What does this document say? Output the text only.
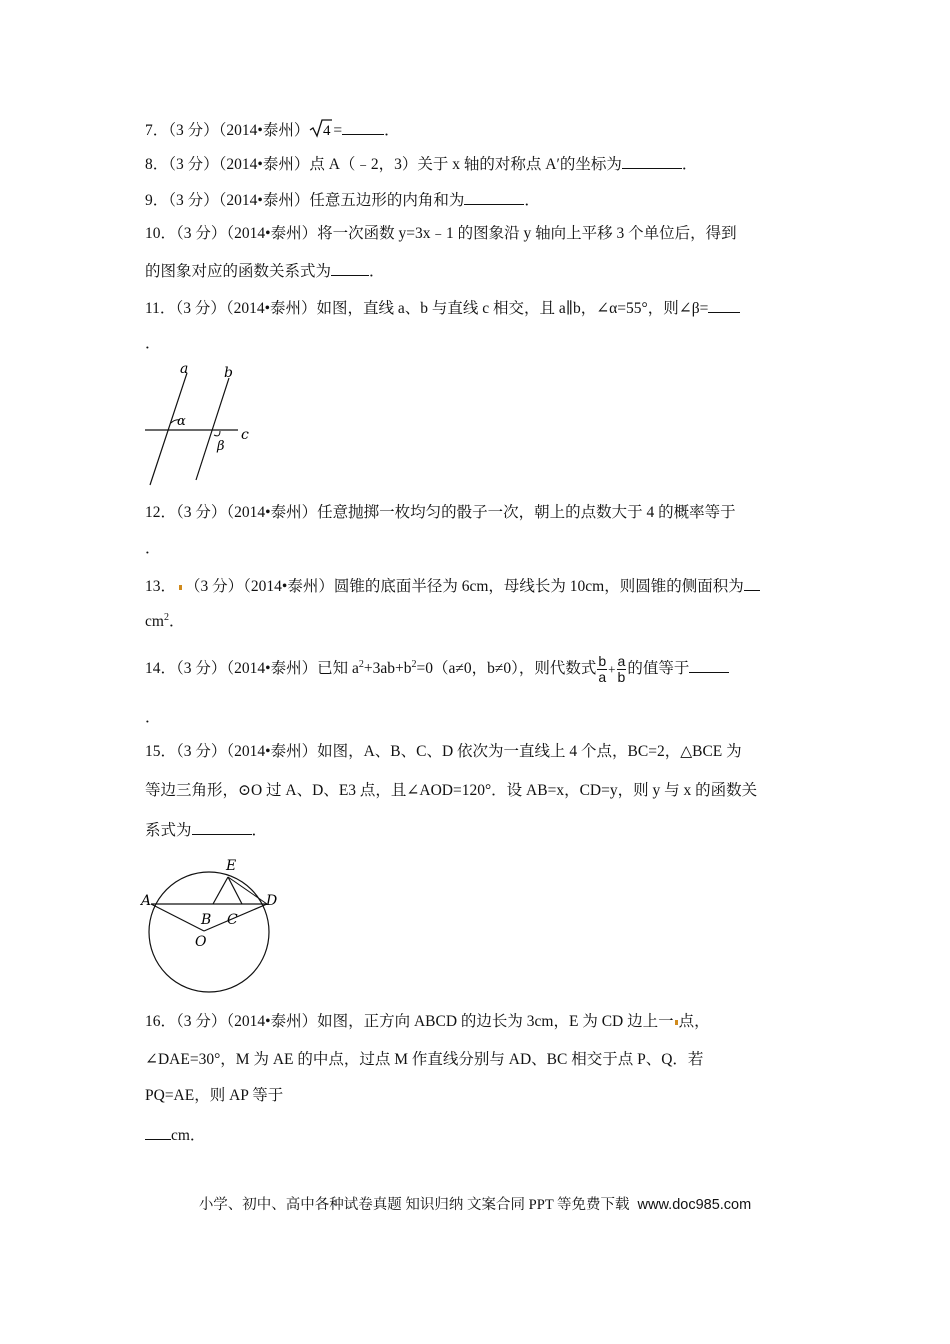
7．（3 分）（2014•泰州） 4 =	．
8．（3 分）（2014•泰州）点 A（﹣2，3）关于 x 轴的对称点 A′的坐标为	．
9．（3 分）（2014•泰州）任意五边形的内角和为	．
10．（3 分）（2014•泰州）将一次函数 y=3x﹣1 的图象沿 y 轴向上平移 3 个单位后，得到
的图象对应的函数关系式为 ．
11．（3 分）（2014•泰州）如图，直线 a、b 与直线 c 相交，且 a∥b，∠α=55°，则∠β=
．
a	b
c
α
β
12．（3 分）（2014•泰州）任意抛掷一枚均匀的骰子一次，朝上的点数大于 4 的概率等于
．
13． （3 分）（2014•泰州）圆锥的底面半径为 6cm，母线长为 10cm，则圆锥的侧面积为
$cm^2$．
14．（3 分）（2014•泰州）已知 $a^2+3ab+b^2=0(a\ne 0$，b≠0），则代数式 $\frac{b}{a} + \frac{a}{b}$ 的值等于
．
15．（3 分）（2014•泰州）如图，A、B、C、D 依次为一直线上 4 个点，BC=2，△BCE 为
等边三角形，⊙O 过 A、D、E3 点，且∠AOD=120°．设 AB=x，CD=y，则 y 与 x 的函数关
系式为	．
E
A
B C
D
O
16．（3 分）（2014•泰州）如图，正方向 ABCD 的边长为 3cm，E 为 CD 边上一 点，
∠DAE=30°，M 为 AE 的中点，过点 M 作直线分别与 AD、BC 相交于点 P、Q．若
PQ=AE，则 AP 等于
cm．
小学、初中、高中各种试卷真题 知识归纳 文案合同 PPT 等免费下载 www.doc985.com
